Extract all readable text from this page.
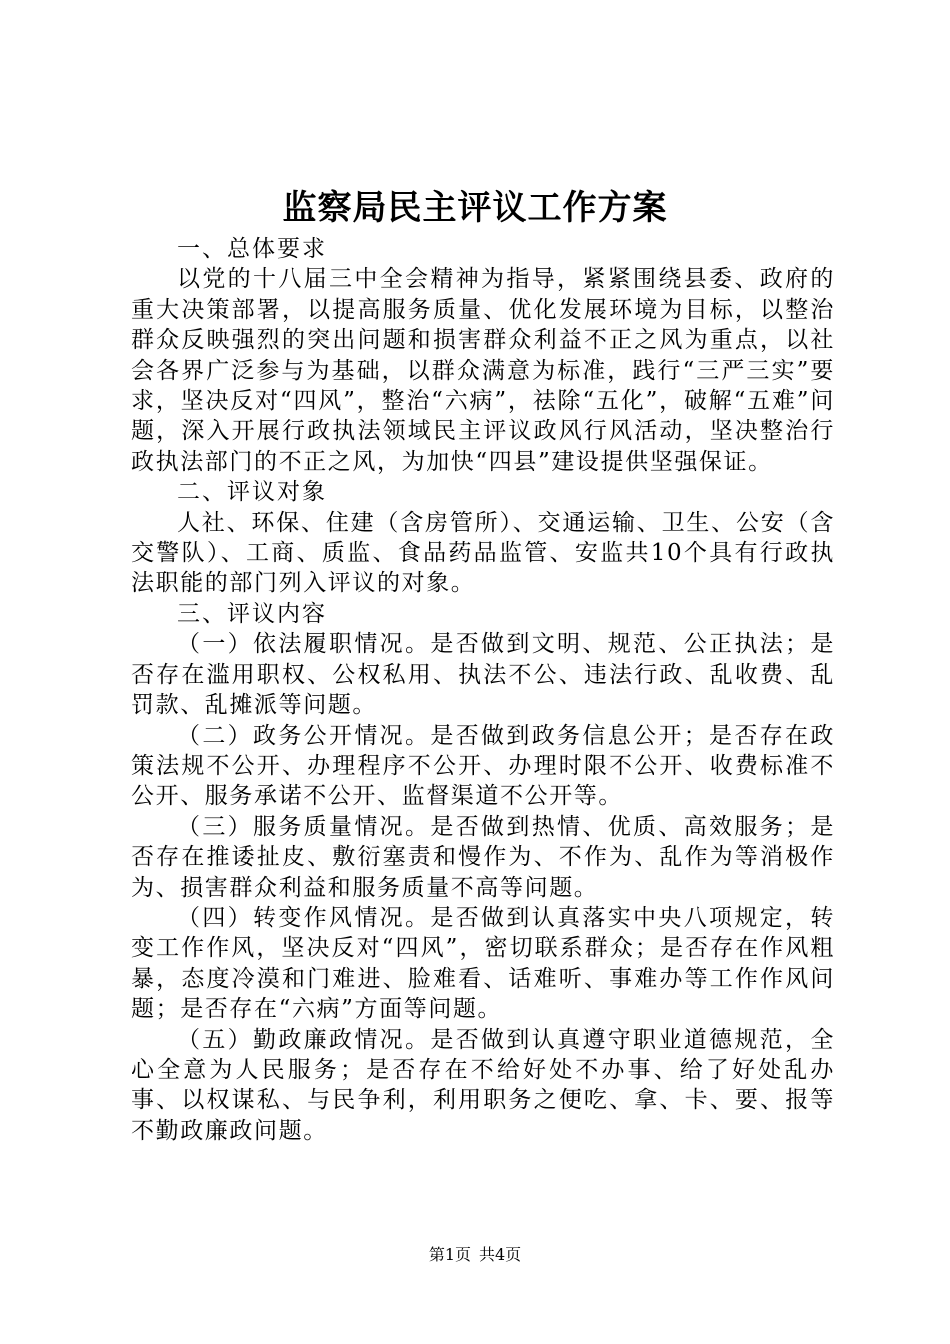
监察局民主评议工作方案

一、总体要求

以党的十八届三中全会精神为指导，紧紧围绕县委、政府的重大决策部署，以提高服务质量、优化发展环境为目标，以整治群众反映强烈的突出问题和损害群众利益不正之风为重点，以社会各界广泛参与为基础，以群众满意为标准，践行“三严三实”要求，坚决反对“四风”，整治“六病”，祛除“五化”，破解“五难”问题，深入开展行政执法领域民主评议政风行风活动，坚决整治行政执法部门的不正之风，为加快“四县”建设提供坚强保证。

二、评议对象

人社、环保、住建（含房管所）、交通运输、卫生、公安（含交警队）、工商、质监、食品药品监管、安监共10个具有行政执法职能的部门列入评议的对象。

三、评议内容

（一）依法履职情况。是否做到文明、规范、公正执法；是否存在滥用职权、公权私用、执法不公、违法行政、乱收费、乱罚款、乱摊派等问题。

（二）政务公开情况。是否做到政务信息公开；是否存在政策法规不公开、办理程序不公开、办理时限不公开、收费标准不公开、服务承诺不公开、监督渠道不公开等。

（三）服务质量情况。是否做到热情、优质、高效服务；是否存在推诿扯皮、敷衍塞责和慢作为、不作为、乱作为等消极作为、损害群众利益和服务质量不高等问题。

（四）转变作风情况。是否做到认真落实中央八项规定，转变工作作风，坚决反对“四风”，密切联系群众；是否存在作风粗暴，态度冷漠和门难进、脸难看、话难听、事难办等工作作风问题；是否存在“六病”方面等问题。

（五）勤政廉政情况。是否做到认真遵守职业道德规范，全心全意为人民服务；是否存在不给好处不办事、给了好处乱办事、以权谋私、与民争利，利用职务之便吃、拿、卡、要、报等不勤政廉政问题。

第1页 共4页
